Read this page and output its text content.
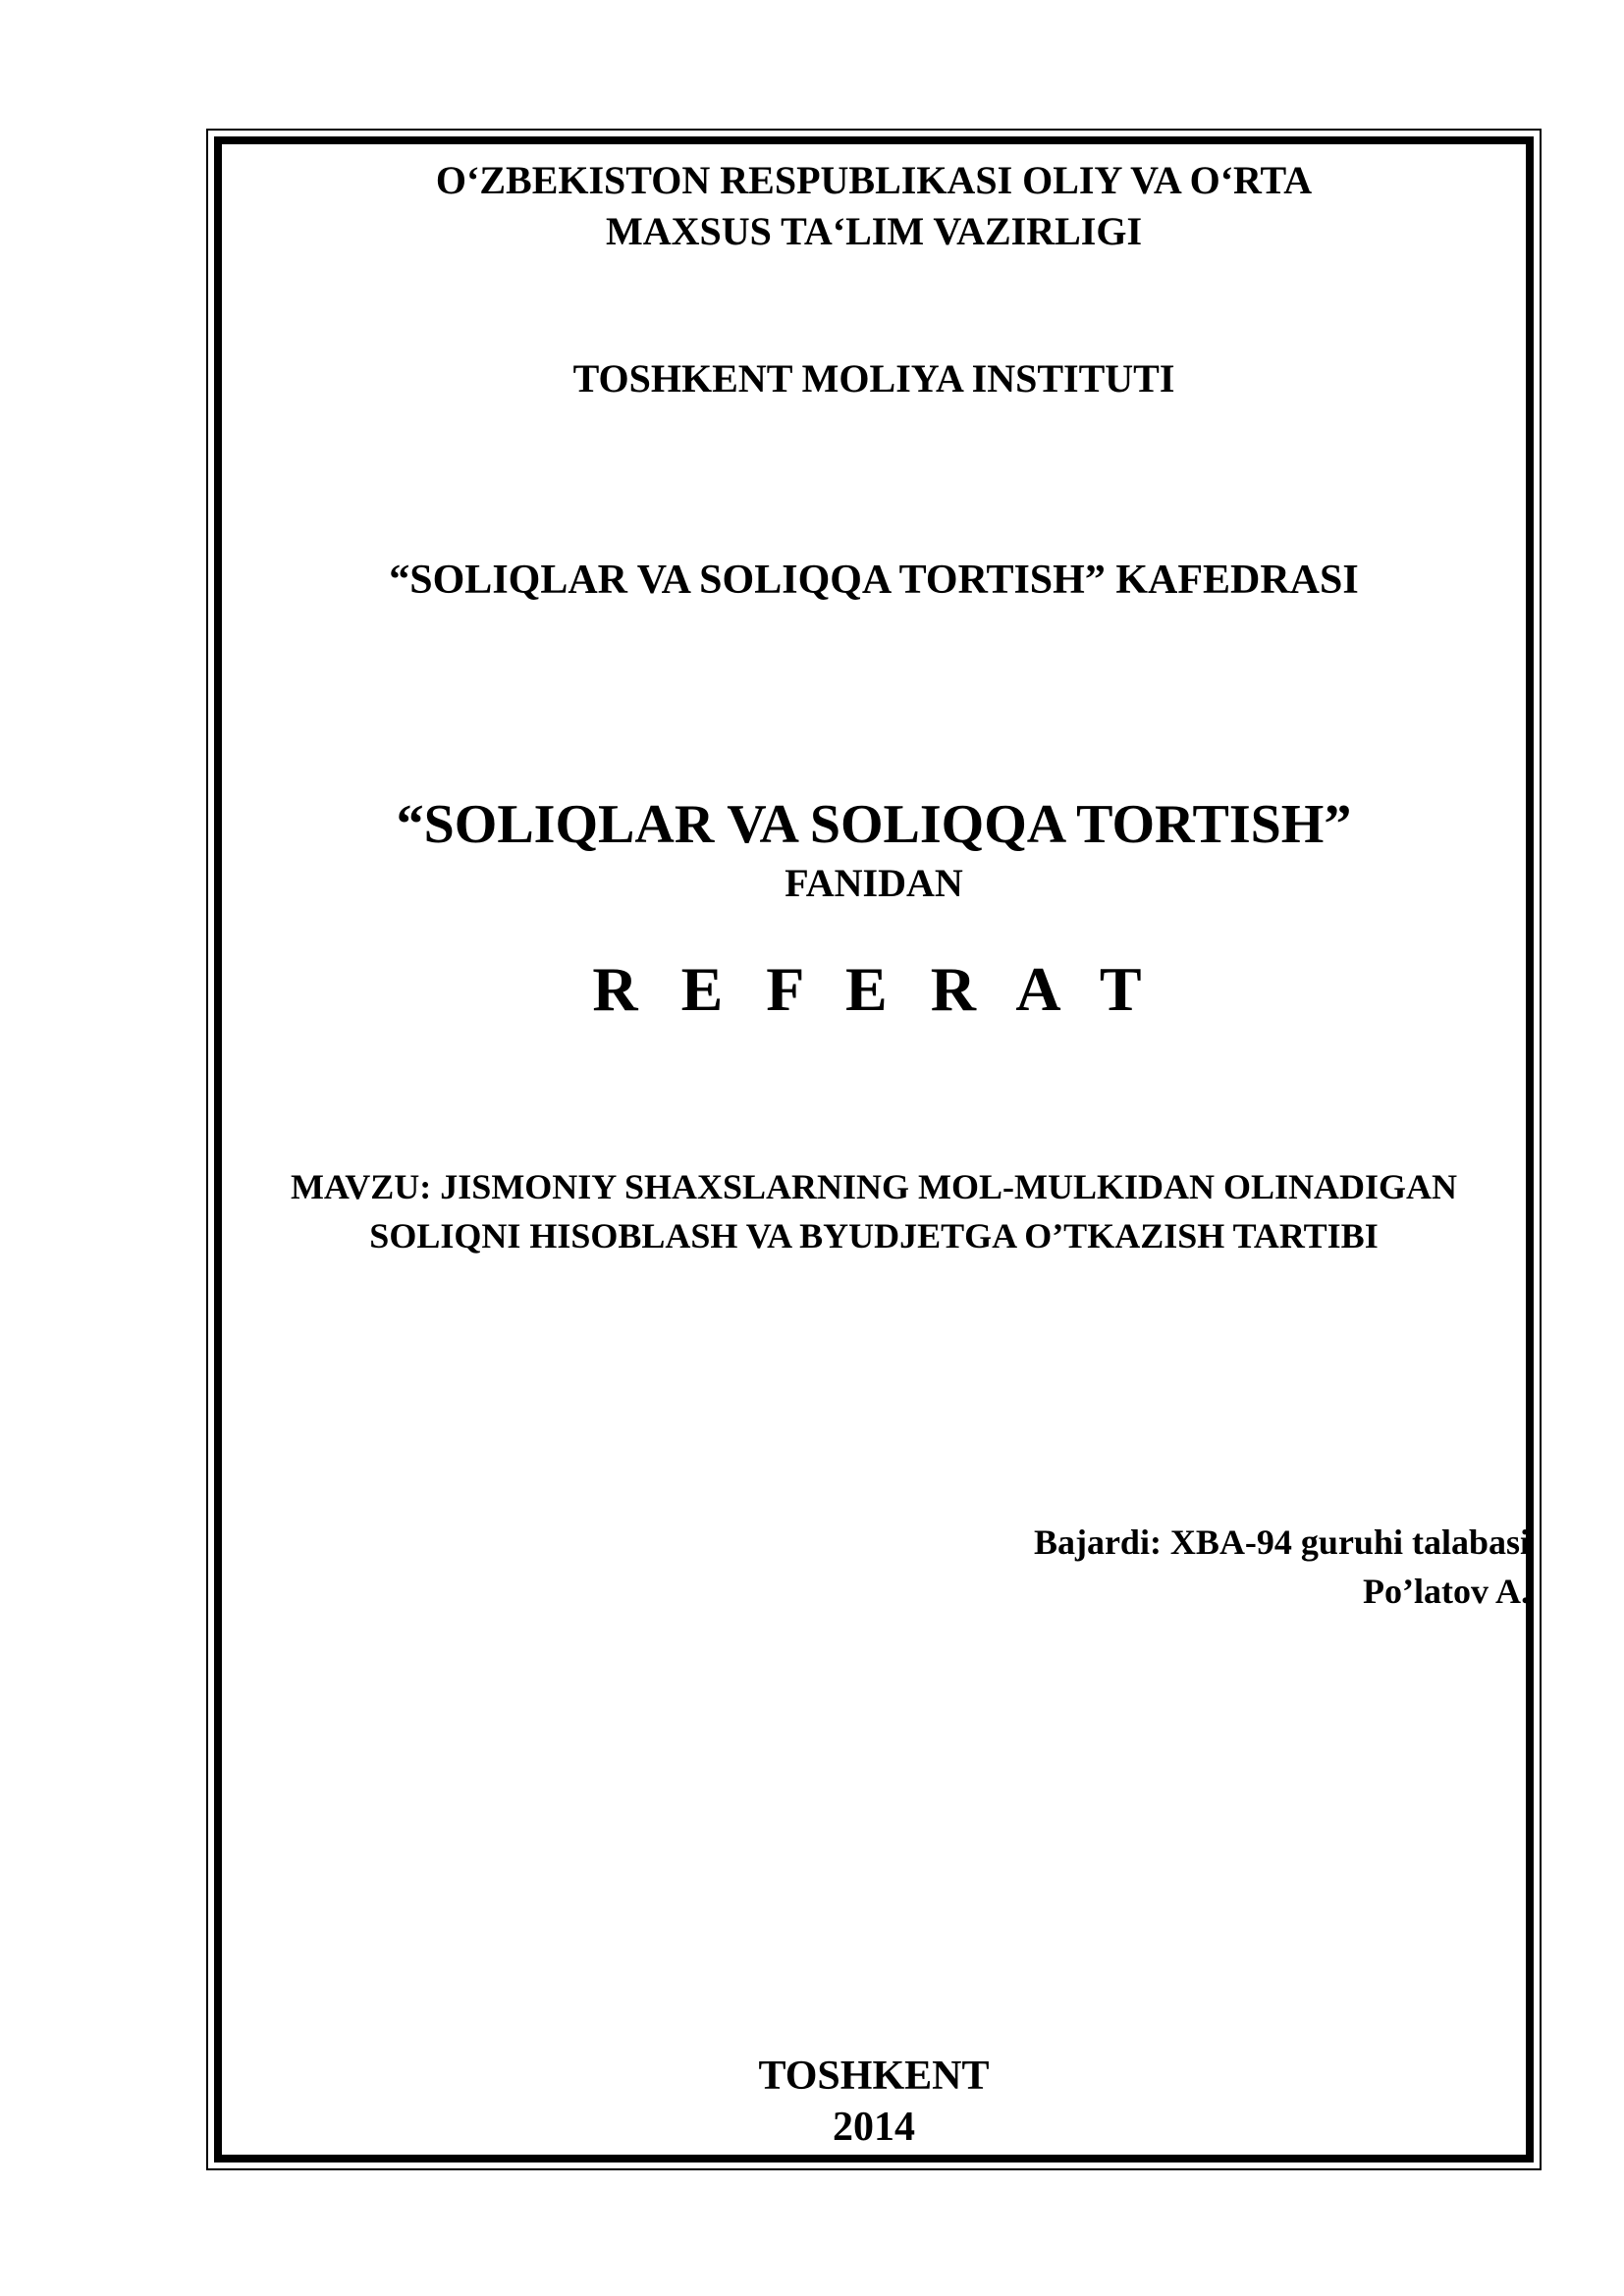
O‘ZBEKISTON RESPUBLIKASI OLIY VA O‘RTA
MAXSUS TA‘LIM VAZIRLIGI
TOSHKENT MOLIYA INSTITUTI
“SOLIQLAR VA SOLIQQA TORTISH” KAFEDRASI
“SOLIQLAR VA SOLIQQA TORTISH”
FANIDAN
R E F E R A T
MAVZU: JISMONIY SHAXSLARNING MOL-MULKIDAN OLINADIGAN
SOLIQNI HISOBLASH VA BYUDJETGA O’TKAZISH TARTIBI
Bajardi: XBA-94 guruhi talabasi
Po’latov A.
TOSHKENT
2014
